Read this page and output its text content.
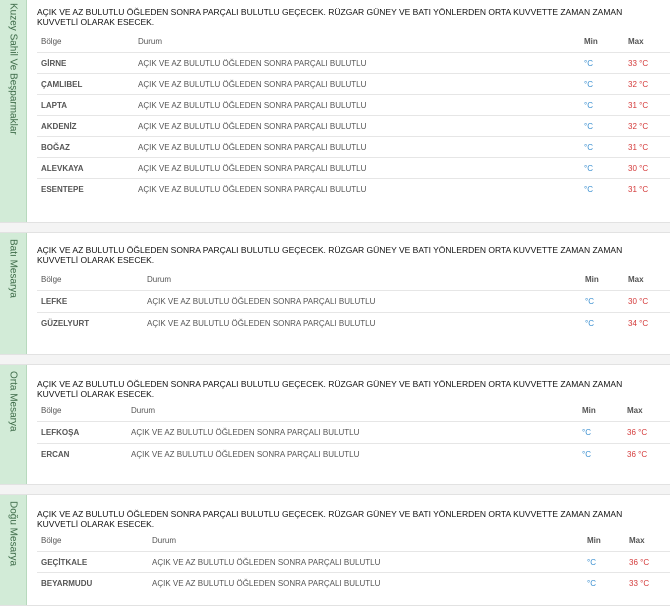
Kuzey Sahil Ve Beşparmaklar AÇIK VE AZ BULUTLU ÖĞLEDEN SONRA PARÇALI BULUTLU GEÇECEK. RÜZGAR GÜNEY VE BATI YÖNLERDEN ORTA KUVVETTE ZAMAN ZAMAN KUVVETLİ OLARAK ESECEK.
Bölge	Durum	Min	Max
GİRNE	AÇIK VE AZ BULUTLU ÖĞLEDEN SONRA PARÇALI BULUTLU	°C	33 °C
ÇAMLIBEL	AÇIK VE AZ BULUTLU ÖĞLEDEN SONRA PARÇALI BULUTLU	°C	32 °C
LAPTA	AÇIK VE AZ BULUTLU ÖĞLEDEN SONRA PARÇALI BULUTLU	°C	31 °C
AKDENİZ	AÇIK VE AZ BULUTLU ÖĞLEDEN SONRA PARÇALI BULUTLU	°C	32 °C
BOĞAZ	AÇIK VE AZ BULUTLU ÖĞLEDEN SONRA PARÇALI BULUTLU	°C	31 °C
ALEVKAYA	AÇIK VE AZ BULUTLU ÖĞLEDEN SONRA PARÇALI BULUTLU	°C	30 °C
ESENTEPE	AÇIK VE AZ BULUTLU ÖĞLEDEN SONRA PARÇALI BULUTLU	°C	31 °C
Batı Mesarya AÇIK VE AZ BULUTLU ÖĞLEDEN SONRA PARÇALI BULUTLU GEÇECEK. RÜZGAR GÜNEY VE BATI YÖNLERDEN ORTA KUVVETTE ZAMAN ZAMAN KUVVETLİ OLARAK ESECEK.
Bölge	Durum	Min	Max
LEFKE	AÇIK VE AZ BULUTLU ÖĞLEDEN SONRA PARÇALI BULUTLU	°C	30 °C
GÜZELYURT	AÇIK VE AZ BULUTLU ÖĞLEDEN SONRA PARÇALI BULUTLU	°C	34 °C
Orta Mesarya AÇIK VE AZ BULUTLU ÖĞLEDEN SONRA PARÇALI BULUTLU GEÇECEK. RÜZGAR GÜNEY VE BATI YÖNLERDEN ORTA KUVVETTE ZAMAN ZAMAN KUVVETLİ OLARAK ESECEK.
Bölge	Durum	Min	Max
LEFKOŞA	AÇIK VE AZ BULUTLU ÖĞLEDEN SONRA PARÇALI BULUTLU	°C	36 °C
ERCAN	AÇIK VE AZ BULUTLU ÖĞLEDEN SONRA PARÇALI BULUTLU	°C	36 °C
Doğu Mesarya AÇIK VE AZ BULUTLU ÖĞLEDEN SONRA PARÇALI BULUTLU GEÇECEK. RÜZGAR GÜNEY VE BATI YÖNLERDEN ORTA KUVVETTE ZAMAN ZAMAN KUVVETLİ OLARAK ESECEK.
Bölge	Durum	Min	Max
GEÇİTKALE	AÇIK VE AZ BULUTLU ÖĞLEDEN SONRA PARÇALI BULUTLU	°C	36 °C
BEYARMUDU	AÇIK VE AZ BULUTLU ÖĞLEDEN SONRA PARÇALI BULUTLU	°C	33 °C
